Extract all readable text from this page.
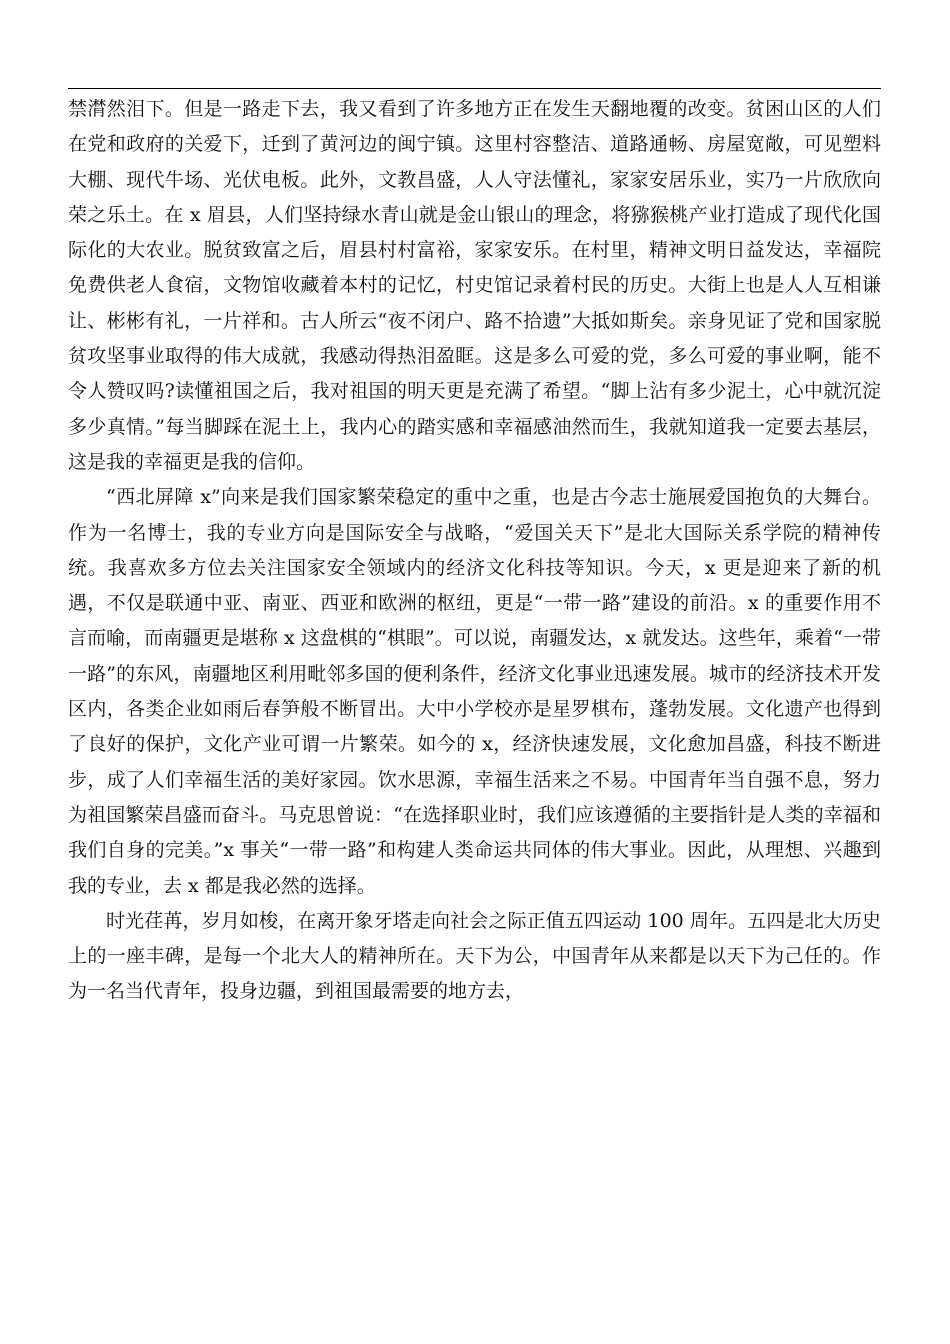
禁潸然泪下。但是一路走下去，我又看到了许多地方正在发生天翻地覆的改变。贫困山区的人们在党和政府的关爱下，迁到了黄河边的闽宁镇。这里村容整洁、道路通畅、房屋宽敞，可见塑料大棚、现代牛场、光伏电板。此外，文教昌盛，人人守法懂礼，家家安居乐业，实乃一片欣欣向荣之乐土。在 x 眉县，人们坚持绿水青山就是金山银山的理念，将猕猴桃产业打造成了现代化国际化的大农业。脱贫致富之后，眉县村村富裕，家家安乐。在村里，精神文明日益发达，幸福院免费供老人食宿，文物馆收藏着本村的记忆，村史馆记录着村民的历史。大街上也是人人互相谦让、彬彬有礼，一片祥和。古人所云“夜不闭户、路不拾遗”大抵如斯矣。亲身见证了党和国家脱贫攻坚事业取得的伟大成就，我感动得热泪盈眶。这是多么可爱的党，多么可爱的事业啊，能不令人赞叹吗?读懂祖国之后，我对祖国的明天更是充满了希望。“脚上沾有多少泥土，心中就沉淀多少真情。”每当脚踩在泥土上，我内心的踏实感和幸福感油然而生，我就知道我一定要去基层，这是我的幸福更是我的信仰。

“西北屏障 x”向来是我们国家繁荣稳定的重中之重，也是古今志士施展爱国抱负的大舞台。作为一名博士，我的专业方向是国际安全与战略，“爱国关天下”是北大国际关系学院的精神传统。我喜欢多方位去关注国家安全领域内的经济文化科技等知识。今天，x 更是迎来了新的机遇，不仅是联通中亚、南亚、西亚和欧洲的枢纽，更是“一带一路”建设的前沿。x 的重要作用不言而喻，而南疆更是堪称 x 这盘棋的“棋眼”。可以说，南疆发达，x 就发达。这些年，乘着“一带一路”的东风，南疆地区利用毗邻多国的便利条件，经济文化事业迅速发展。城市的经济技术开发区内，各类企业如雨后春笋般不断冒出。大中小学校亦是星罗棋布，蓬勃发展。文化遗产也得到了良好的保护，文化产业可谓一片繁荣。如今的 x，经济快速发展，文化愈加昌盛，科技不断进步，成了人们幸福生活的美好家园。饮水思源，幸福生活来之不易。中国青年当自强不息，努力为祖国繁荣昌盛而奋斗。马克思曾说：“在选择职业时，我们应该遵循的主要指针是人类的幸福和我们自身的完美。”x 事关“一带一路”和构建人类命运共同体的伟大事业。因此，从理想、兴趣到我的专业，去 x 都是我必然的选择。

时光荏苒，岁月如梭，在离开象牙塔走向社会之际正值五四运动 100 周年。五四是北大历史上的一座丰碑，是每一个北大人的精神所在。天下为公，中国青年从来都是以天下为己任的。作为一名当代青年，投身边疆，到祖国最需要的地方去，
